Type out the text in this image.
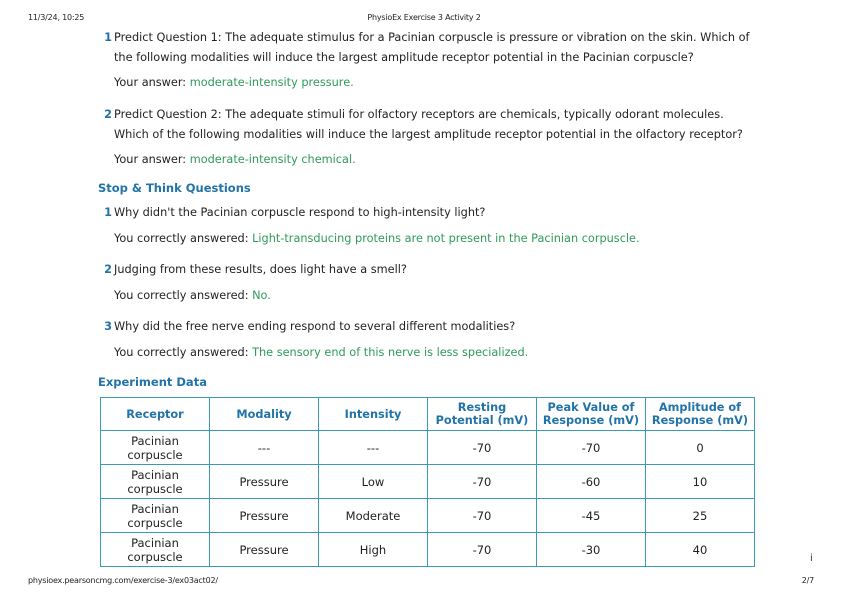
11/3/24, 10:25	PhysioEx Exercise 3 Activity 2
1 Predict Question 1: The adequate stimulus for a Pacinian corpuscle is pressure or vibration on the skin. Which of the following modalities will induce the largest amplitude receptor potential in the Pacinian corpuscle?
Your answer: moderate-intensity pressure.
2 Predict Question 2: The adequate stimuli for olfactory receptors are chemicals, typically odorant molecules. Which of the following modalities will induce the largest amplitude receptor potential in the olfactory receptor?
Your answer: moderate-intensity chemical.
Stop & Think Questions
1 Why didn't the Pacinian corpuscle respond to high-intensity light?
You correctly answered: Light-transducing proteins are not present in the Pacinian corpuscle.
2 Judging from these results, does light have a smell?
You correctly answered: No.
3 Why did the free nerve ending respond to several different modalities?
You correctly answered: The sensory end of this nerve is less specialized.
Experiment Data
Receptor	Modality	Intensity	Resting Potential (mV)	Peak Value of Response (mV)	Amplitude of Response (mV)
Pacinian corpuscle	---	---	-70	-70	0
Pacinian corpuscle	Pressure	Low	-70	-60	10
Pacinian corpuscle	Pressure	Moderate	-70	-45	25
Pacinian corpuscle	Pressure	High	-70	-30	40
i
physioex.pearsoncmg.com/exercise-3/ex03act02/	2/7
